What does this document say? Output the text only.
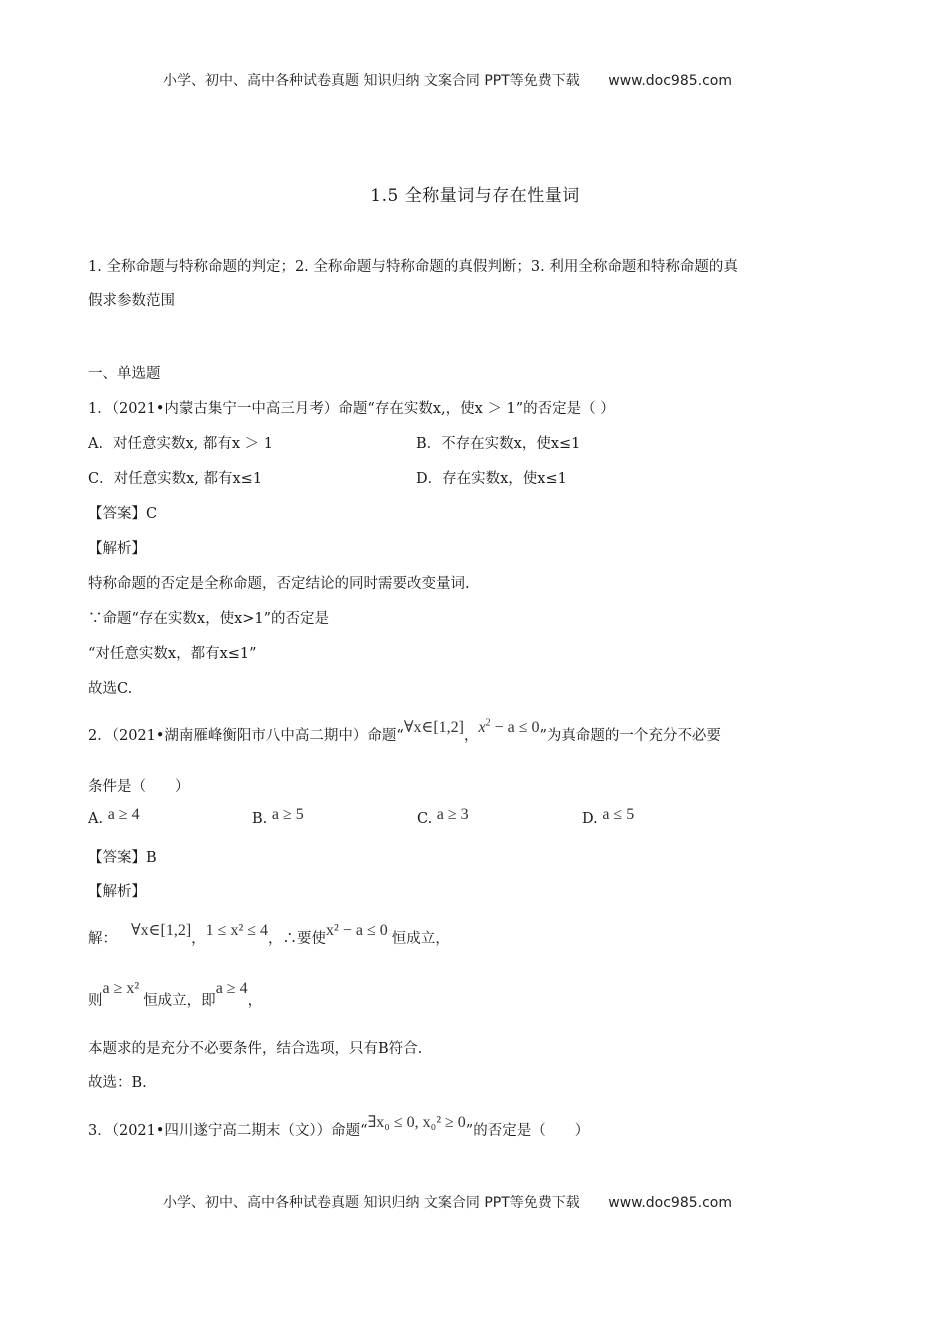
小学、初中、高中各种试卷真题 知识归纳 文案合同 PPT等免费下载 www.doc985.com
1.5 全称量词与存在性量词
1. 全称命题与特称命题的判定；2. 全称命题与特称命题的真假判断；3. 利用全称命题和特称命题的真
假求参数范围
一、单选题
1．（2021•内蒙古集宁一中高三月考）命题“存在实数x,，使x ＞ 1”的否定是（ ）
A．对任意实数x, 都有x ＞ 1	B．不存在实数x，使x≤1
C．对任意实数x, 都有x≤1	D．存在实数x，使x≤1
【答案】C
【解析】
特称命题的否定是全称命题，否定结论的同时需要改变量词.
∵命题“存在实数x，使x>1”的否定是
“对任意实数x，都有x≤1”
故选C.
2．（2021•湖南雁峰衡阳市八中高二期中）命题“∀x∈[1,2]，$x^2 - a \le 0$”为真命题的一个充分不必要
条件是（　　）
A. a ≥ 4	B. a ≥ 5	C. a ≥ 3	D. a ≤ 5
【答案】B
【解析】
解： ∀x∈[1,2]，1 ≤ x² ≤ 4，∴要使x² − a ≤ 0 恒成立，
则a ≥ x²恒成立，即a ≥ 4，
本题求的是充分不必要条件，结合选项，只有B符合.
故选：B.
3．（2021•四川遂宁高二期末（文））命题“∃x₀ ≤ 0, x₀² ≥ 0”的否定是（　　）
小学、初中、高中各种试卷真题 知识归纳 文案合同 PPT等免费下载 www.doc985.com
